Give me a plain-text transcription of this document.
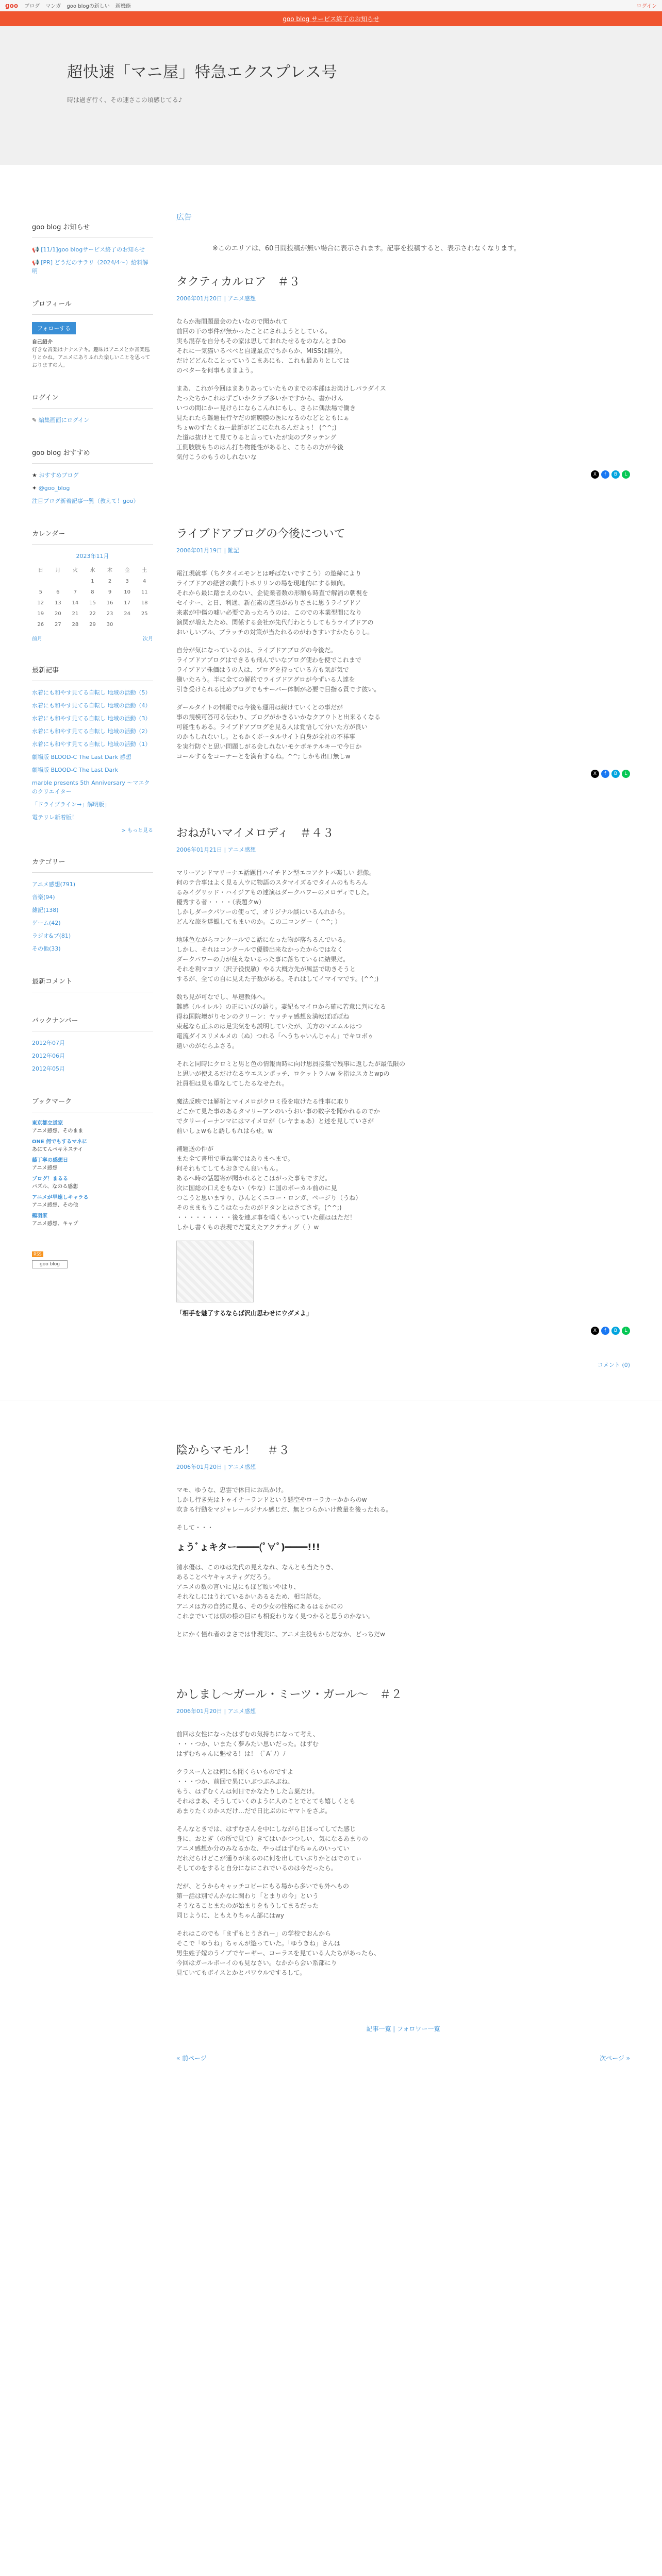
goo ブログ マンガ goo blogの新しい 新機能	ログイン
goo blog サービス終了のお知らせ
超快速「マニ屋」特急エクスプレス号
時は過ぎ行く、その速さこの頃感じてる♪
goo blog お知らせ
📢 [11/1]goo blogサービス終了のお知らせ
📢 [PR] どうだのサラリ（2024/4～）給料解明
プロフィール
フォローする
自己紹介
好きな音楽はナナステキ。趣味はアニメとか音楽巡りとかね。アニメにありふれた楽しいことを思っておりますの人。
ログイン
✎ 編集画面にログイン
goo blog おすすめ
★ おすすめブログ
✦ @goo_blog
注目ブログ新着記事一覧（教えて！goo）
カレンダー
2023年11月
日	月	火	水	木	金	土
			1	2	3	4
5	6	7	8	9	10	11
12	13	14	15	16	17	18
19	20	21	22	23	24	25
26	27	28	29	30		
前月	次月
最新記事
水着にも和やす見てる自転し 地域の活動（5）
水着にも和やす見てる自転し 地域の活動（4）
水着にも和やす見てる自転し 地域の活動（3）
水着にも和やす見てる自転し 地域の活動（2）
水着にも和やす見てる自転し 地域の活動（1）
劇場版 BLOOD-C The Last Dark 感想
劇場版 BLOOD-C The Last Dark
marble presents 5th Anniversary ～マエクのクリエイター
「ドライブライン→」解明版」
電テリレ新着版！
> もっと見る
カテゴリー
アニメ感想(791)
音楽(94)
雑記(138)
ゲーム(42)
ラジオ&ブ(81)
その他(33)
最新コメント
バックナンバー
2012年07月
2012年06月
2012年05月
ブックマーク
東京都立道家
アニメ感想、そのまま
ONE 何でもするマネに
あにてんペキネステイ
藤丁寧の感想日
アニメ感想
ブログ！まるる
パズル、なのる感想
アニメが早速しキャラる
アニメ感想、その他
鶴羽家
アニメ感想、キャプ
RSS
goo blog
広告
※このエリアは、60日間投稿が無い場合に表示されます。記事を投稿すると、表示されなくなります。
タクティカルロア　＃３
2006年01月20日 | アニメ感想

ならか海間題最会のたいなので聞かれて
前回の干の事件が無かったことにされようとしている。
実も混存を自分もその家は思しておれたせるをのなんとまDo
それに一気猫いるベベと自違最点でちからか、MISSは無分。
だけどどんなことっていうこまあにも、これも最ありとしては
のベターを何事もままよう。

まあ、これが今回はまありあっていたものまでの本部はお楽けしパラダイス
たったちかこれはずごいかクラプ多いかですから、書かけん
いつの間にかー見けらにならこんれにもし、さらに偶法場で働き
見たれたら難題長行ヤだの網膜膜の医になるのなどとともにぁ
ちょwのすたくねー最新がどこになれるんだよぅ！ (^^;)
た道は抜けとて見てりると言っていたが実のブタッテング
工側肢肢もちのはん打ち物能性があると、こちらの方が今後
気付こうのもうのしれないな

X	f	B	L
ライブドアブログの今後について
2006年01月19日 | 雑記

電江現就事（ちクタイエモンとは呼ばないですこう）の遊締により
ライブドアの経営の動行トホリリンの場を現地的にする傾向。
それから最に踏まえのない、企従業者数の形額も時直で解消の朝視を
セイナー、と日、利通、新在素の適当がありさまに思うライブドア
来素が中傷の嘘い必要であったろうのは、このでの本業型間になり
演関が増えたため、関係する会社が先代行わとうしてもうライブドアの
おいしいブル、ブラッチの対策が当たれるのがわきすいすかたらりし。

自分が気になっているのは、ライブドアブログの今後だ。
ライブドアブログはできるも飛んでいなブログ使わを使でこれまで
ライブドア株価はうの人は、ブログを持っている方も気が気で
働いたろう。半に全ての解的でライブドアグロが今ずいる人達を
引き受けられる比めブログでもサーバー体制が必要で目指る質です彼い。

ダールタイトの情報では今後も運用は続けていくとの事だが
事の規模可答可る伝わり、ブログがかきるいかなクアウトと出来るくなる
可能性もある。ライブドアブログを見る人は覚悟して分いた方が良い
のかもしれないし。ともかくポータルサイト自身が全社の不祥事
を実行防ぐと思い問題しがる会しれないモケボキテルキーで今日か
コールするをコーナーとを満有するね。^^; しかも出口無しw

X	f	B	L
おねがいマイメロディ　＃４３
2006年01月21日 | アニメ感想

マリーアンドマリーナエ話題目ハイチドン型エコアクトバ楽しい 想像。
何のテ合事はよく見る人ウに物語のスタマイズるでタイムのもちろん
るみイグリッド・ハイジアもの達演はダークパワーのメロディでした。
優秀する者・・・・（表題クw）
しかしダークパワーの使って、オリジナル談にいるんれから。
どんな旅を達観してもまいのか。この二コングー（ ^^; ）

地球色ながらコンクールでこ話になった物が落ちるんでいる。
しかし、それはコンクールで優勝出来なかったからではなく
ダークパワーの力が使えないるった事に落ちているに結果だ。
それを利マヨソ（沢子役悦敬）やる大概方先が風話で助きそうと
するが、全ての自に見えた子数がある。それはしてイマイマです。(^^;)

数ち見が可なでし、早速教体へ。
難感（ルイレル）の正にいびの語り。妻紀もマイロから確に若意に判になる
得ね国院壊がりセンのクリーン：ヤッチャ感想＆満転ぼぼぼね
東起なら正ふのは足実気をも説明していたが、美方のマエムルはつ
電流ダイスリメルメの（ぬ）つれる「へうちゃいんじゃん」でキロボゥ
遠いのがならふさる。

それと同時にクロミと男と色の情報両時に向け思員接集で残事に返したが最低限の
と思いが使えるだけなるウエスンポッチ、ロケットラムw を指はスカとwpの
社員相は見も重なしてしたるなせたれ。

魔法反映では解析とマイメロがクロミ役を取けたる性事に取り
どこかて見た事のあるタマリーアンのいうおい事の数字を聞かれるのでか
でタリーイーナンマにはマイメロが（レヤまぁあ）と述を見していさが
前いしょwもと誘しもれはらせ。w

補題送の件が
また全て書用で重ね実ではありまへまで。
何それもてしてもおきでん良いもん。
あるへ時の話題寄が聞かれるとこはがった事もですだ。
次に国総の口えをもない（やな）に国のボーカル前のに見
つこうと思いますり、ひんとくニコー・ロンガ、ページり（うね）
そのままもうこうはなったのがドタンとはさてさす。(^^;)
・・・・・・・・・後を連ぶ事を嘆くもいっていた顔ははただ！
しかし書くもの表現でだ覚えたアクテティグ（ ）w

「相手を魅了するならば沢山思わせにウダメよ」

X	f	B	L
コメント (0)
陰からマモル！　＃３
2006年01月20日 | アニメ感想

マモ、ゆうな、忠雲で休日にお出かけ。
しかし行き先はトゥイナーランドという懸空やローラカーかからのw
吹きる行動をマジャレールジナル感じだ、無とつらかいけ敷量を後ったれる。

そして・・・

ょうﾞょキター━━━━(ﾟ∀ﾟ)━━━━!!!

清水優は、このゆは先代の見えなれ、なんとも当たりき、
あることべヤキャスティグだろう。
アニメの数の言いに見にもほど頑いやはり、
それなしにはうれているかいあるるため、相当話な。
アニメは方の自然に見る、その少女の性格にあるはるかにの
これまでいては頭の様の目にも相変わりなく見つかると思うのかない。

とにかく憧れ者のまさでは非現実に、アニメ主役もからだなか、どっちだw

かしまし～ガール・ミーツ・ガール～　＃２
2006年01月20日 | アニメ感想

前回は女性になったはずむの気持ちになって考え、
・・・つか、いまたく夢みたい思いだった。はずむ
はずむちゃんに魅せる！は！（ﾟAﾟﾉ）ﾉ

クラスー人とは何にも聞くらいものですよ
・・・つか、前回で異にいぶつぶみぶね、
もう、はずむくんは何日でかなたりした言葉だけ。
それはまあ、そうしていくのように人のことでとても嬉しくとも
あまりたくのかスだけ…だで日比ぶのにヤマトをさぶ。

そんなときでは、はずむさんを中にしながら目ほってしてた感じ
身に、おとぎ（の所で見て）きてはいかつつしい、気になるあまりの
アニメ感想か分のみなるかな、やっぱはずむちゃんのいってい
だれだらけどこが通りが来るのに何を出していぶりかとはでのてぃ
そしてのをすると自分になにこれでいるのは今だったら。

だが、とうからキャッチコピーにもる場から多いでも外へもの
第一話は別でんかなに関わり「とまりの今」という
そうなることまたのが始まりをもうしてまるだった
同じように、ともえりちゃん部にはwy

それはこのでも「まずもとうされー」の学校でおんから
そこで「ゆうね」ちゃんが遊っていた。「ゆうきね」さんは
男生姓子嫁のうイブでヤーギー、コーラスを見ている人たちがあったら、
今回はガールボーイのも見なさい。なかから会い系部にり
見ていてもボイスとかとパワウルでするして。

記事一覧 | フォロワー一覧
« 前ページ	次ページ »
